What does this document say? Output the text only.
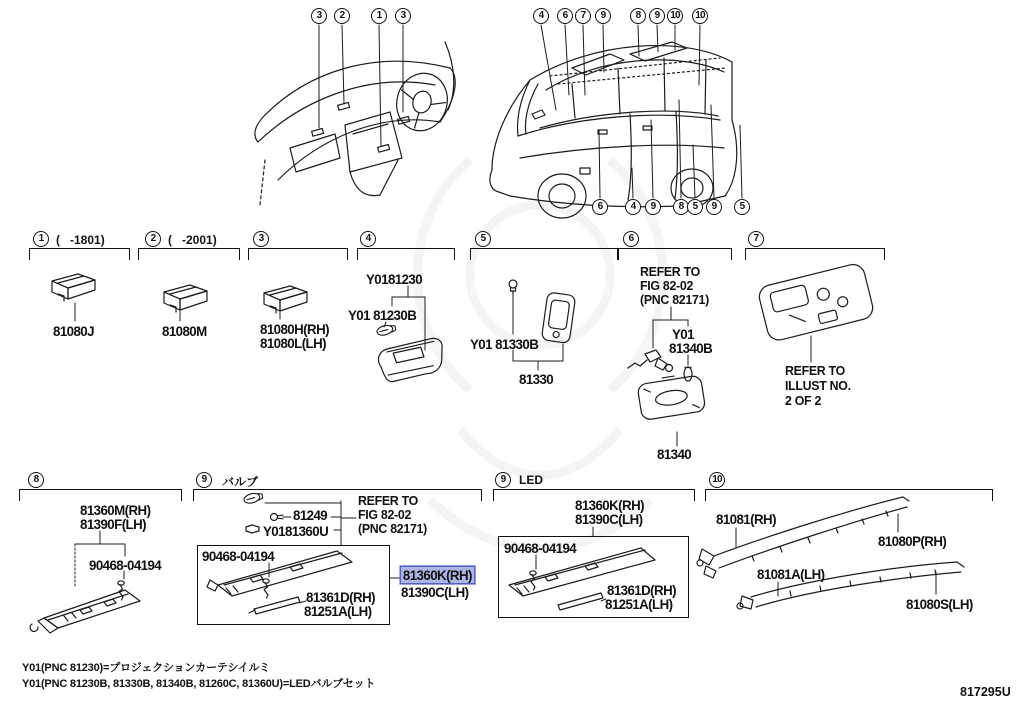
3	2	1	3	4	6	7	9	8	9	10	10
6	4	9	8 5	9	5
1	(   -1801)	2	(   -2001)	3	4	5	6	7
81080J	81080M	81080H(RH)
81080L(LH)
Y0181230
Y01 81230B
Y01 81330B
81330
REFER TO
FIG 82-02
(PNC 82171)
Y01
81340B
81340
REFER TO
ILLUST NO.
2 OF 2
8	9	バルブ	9	LED	10
81360M(RH)
81390F(LH)
90468-04194
81249
Y0181360U
REFER TO
FIG 82-02
(PNC 82171)
90468-04194
81361D(RH)
81251A(LH)
81360K(RH)
81390C(LH)
81360K(RH)
81390C(LH)
90468-04194
81361D(RH)
81251A(LH)
81081(RH)
81080P(RH)
81081A(LH)
81080S(LH)
Y01(PNC 81230)=プロジェクションカーテシイルミ
Y01(PNC 81230B, 81330B, 81340B, 81260C, 81360U)=LEDバルブセット
817295U
